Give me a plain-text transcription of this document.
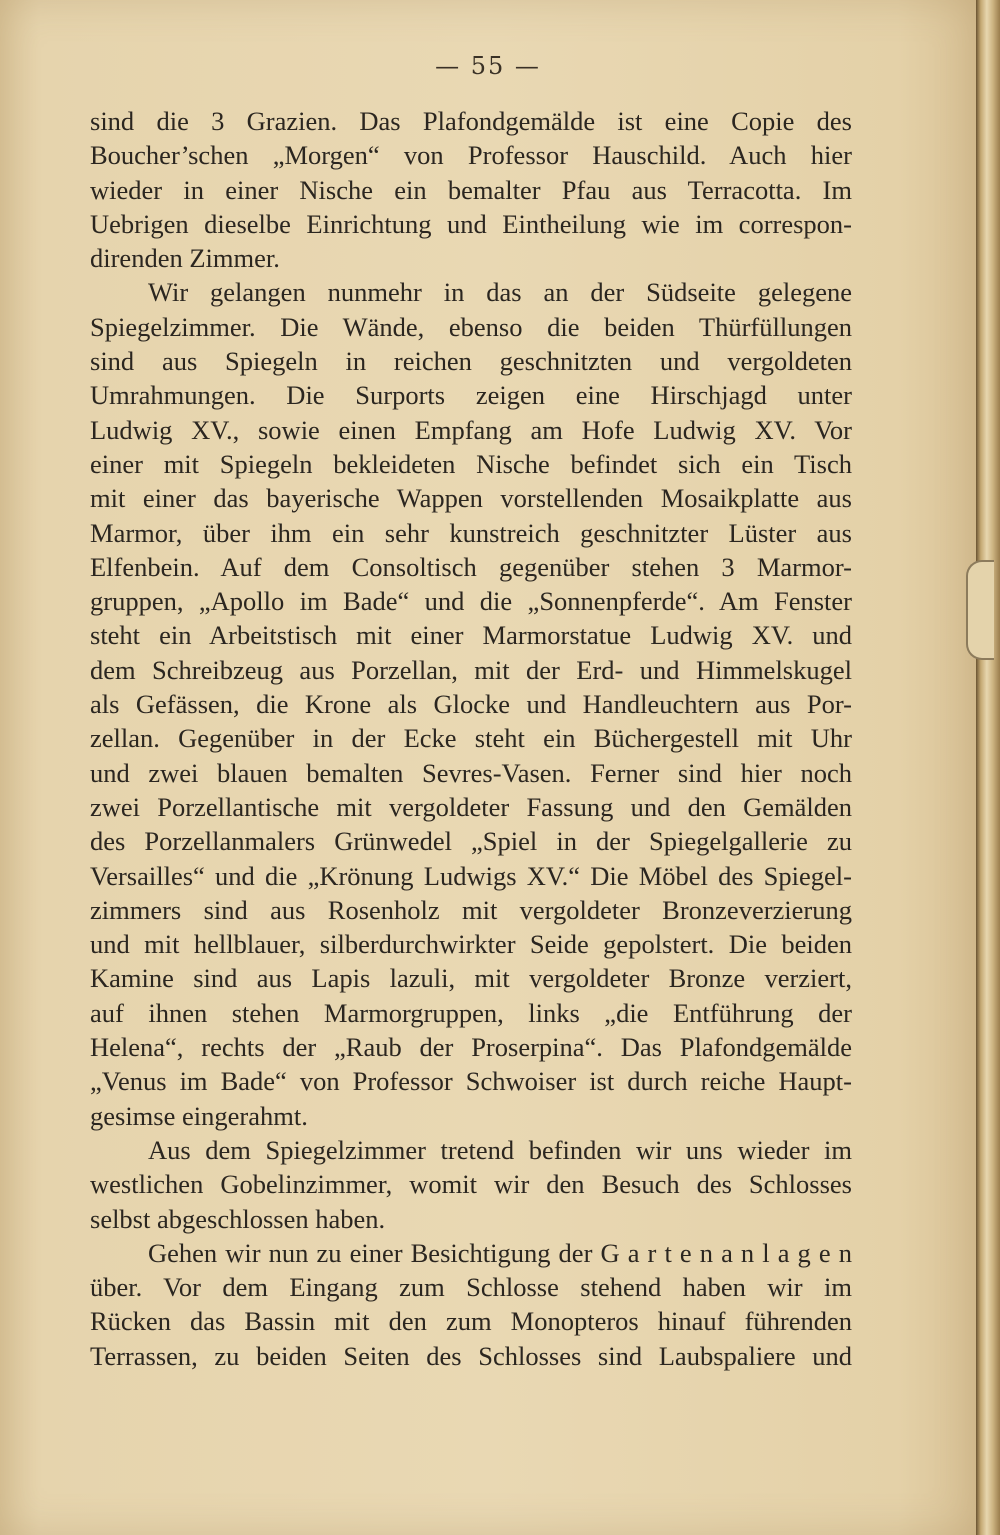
— 55 —
sind die 3 Grazien. Das Plafondgemälde ist eine Copie des
Boucher’schen „Morgen“ von Professor Hauschild. Auch hier
wieder in einer Nische ein bemalter Pfau aus Terracotta. Im
Uebrigen dieselbe Einrichtung und Eintheilung wie im correspon-
direnden Zimmer.
Wir gelangen nunmehr in das an der Südseite gelegene
Spiegelzimmer. Die Wände, ebenso die beiden Thürfüllungen
sind aus Spiegeln in reichen geschnitzten und vergoldeten
Umrahmungen. Die Surports zeigen eine Hirschjagd unter
Ludwig XV., sowie einen Empfang am Hofe Ludwig XV. Vor
einer mit Spiegeln bekleideten Nische befindet sich ein Tisch
mit einer das bayerische Wappen vorstellenden Mosaikplatte aus
Marmor, über ihm ein sehr kunstreich geschnitzter Lüster aus
Elfenbein. Auf dem Consoltisch gegenüber stehen 3 Marmor-
gruppen, „Apollo im Bade“ und die „Sonnenpferde“. Am Fenster
steht ein Arbeitstisch mit einer Marmorstatue Ludwig XV. und
dem Schreibzeug aus Porzellan, mit der Erd- und Himmelskugel
als Gefässen, die Krone als Glocke und Handleuchtern aus Por-
zellan. Gegenüber in der Ecke steht ein Büchergestell mit Uhr
und zwei blauen bemalten Sevres-Vasen. Ferner sind hier noch
zwei Porzellantische mit vergoldeter Fassung und den Gemälden
des Porzellanmalers Grünwedel „Spiel in der Spiegelgallerie zu
Versailles“ und die „Krönung Ludwigs XV.“ Die Möbel des Spiegel-
zimmers sind aus Rosenholz mit vergoldeter Bronzeverzierung
und mit hellblauer, silberdurchwirkter Seide gepolstert. Die beiden
Kamine sind aus Lapis lazuli, mit vergoldeter Bronze verziert,
auf ihnen stehen Marmorgruppen, links „die Entführung der
Helena“, rechts der „Raub der Proserpina“. Das Plafondgemälde
„Venus im Bade“ von Professor Schwoiser ist durch reiche Haupt-
gesimse eingerahmt.
Aus dem Spiegelzimmer tretend befinden wir uns wieder im
westlichen Gobelinzimmer, womit wir den Besuch des Schlosses
selbst abgeschlossen haben.
Gehen wir nun zu einer Besichtigung der G a r t e n a n l a g e n
über. Vor dem Eingang zum Schlosse stehend haben wir im
Rücken das Bassin mit den zum Monopteros hinauf führenden
Terrassen, zu beiden Seiten des Schlosses sind Laubspaliere und
